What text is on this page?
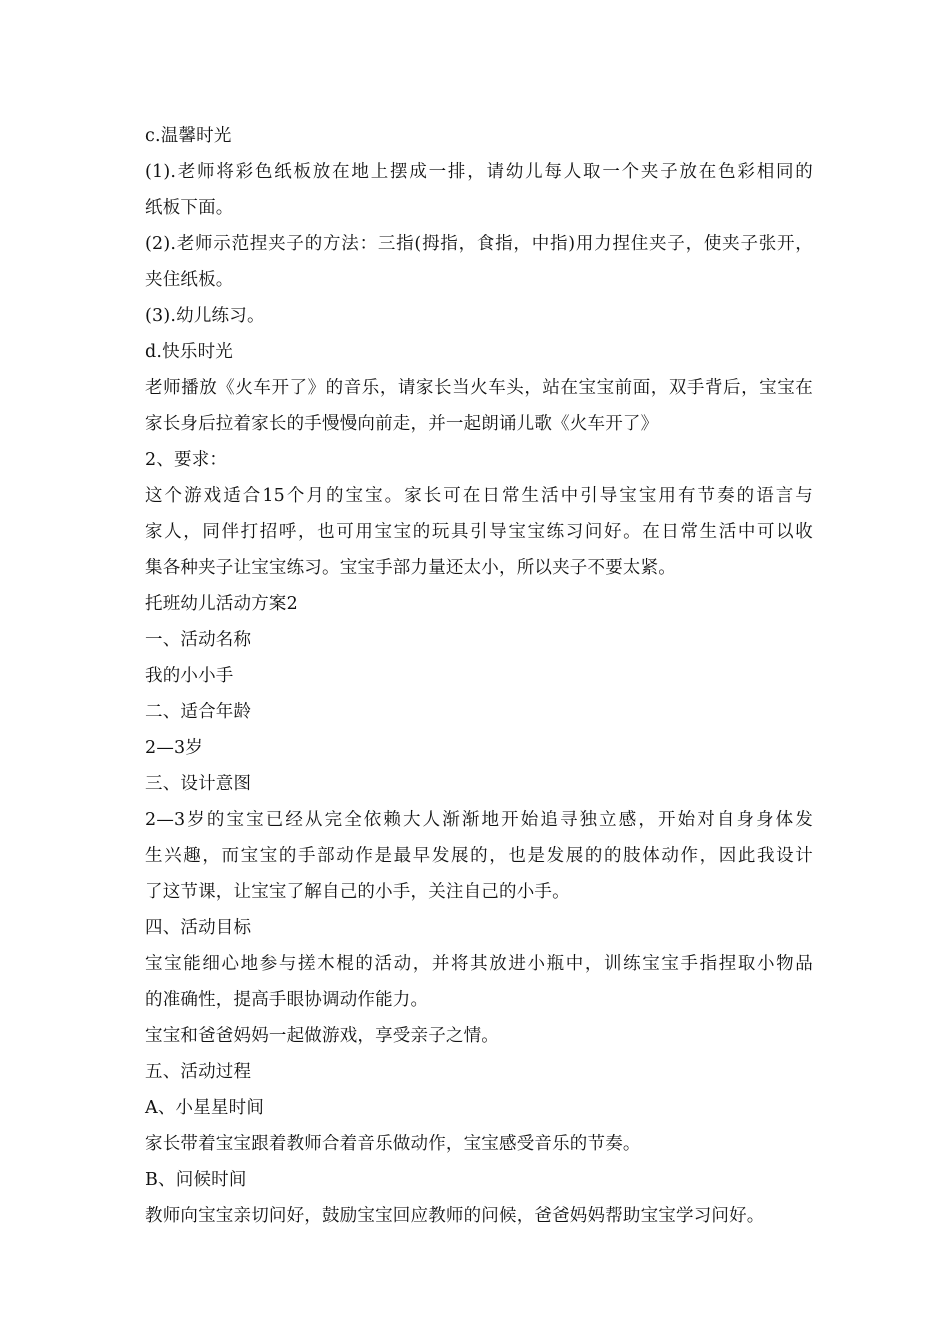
c.温馨时光
(1).老师将彩色纸板放在地上摆成一排，请幼儿每人取一个夹子放在色彩相同的
纸板下面。
(2).老师示范捏夹子的方法：三指(拇指，食指，中指)用力捏住夹子，使夹子张开，
夹住纸板。
(3).幼儿练习。
d.快乐时光
老师播放《火车开了》的音乐，请家长当火车头，站在宝宝前面，双手背后，宝宝在
家长身后拉着家长的手慢慢向前走，并一起朗诵儿歌《火车开了》
2、要求：
这个游戏适合15个月的宝宝。家长可在日常生活中引导宝宝用有节奏的语言与
家人，同伴打招呼，也可用宝宝的玩具引导宝宝练习问好。在日常生活中可以收
集各种夹子让宝宝练习。宝宝手部力量还太小，所以夹子不要太紧。
托班幼儿活动方案2
一、活动名称
我的小小手
二、适合年龄
2—3岁
三、设计意图
2—3岁的宝宝已经从完全依赖大人渐渐地开始追寻独立感，开始对自身身体发
生兴趣，而宝宝的手部动作是最早发展的，也是发展的的肢体动作，因此我设计
了这节课，让宝宝了解自己的小手，关注自己的小手。
四、活动目标
宝宝能细心地参与搓木棍的活动，并将其放进小瓶中，训练宝宝手指捏取小物品
的准确性，提高手眼协调动作能力。
宝宝和爸爸妈妈一起做游戏，享受亲子之情。
五、活动过程
A、小星星时间
家长带着宝宝跟着教师合着音乐做动作，宝宝感受音乐的节奏。
B、问候时间
教师向宝宝亲切问好，鼓励宝宝回应教师的问候，爸爸妈妈帮助宝宝学习问好。
